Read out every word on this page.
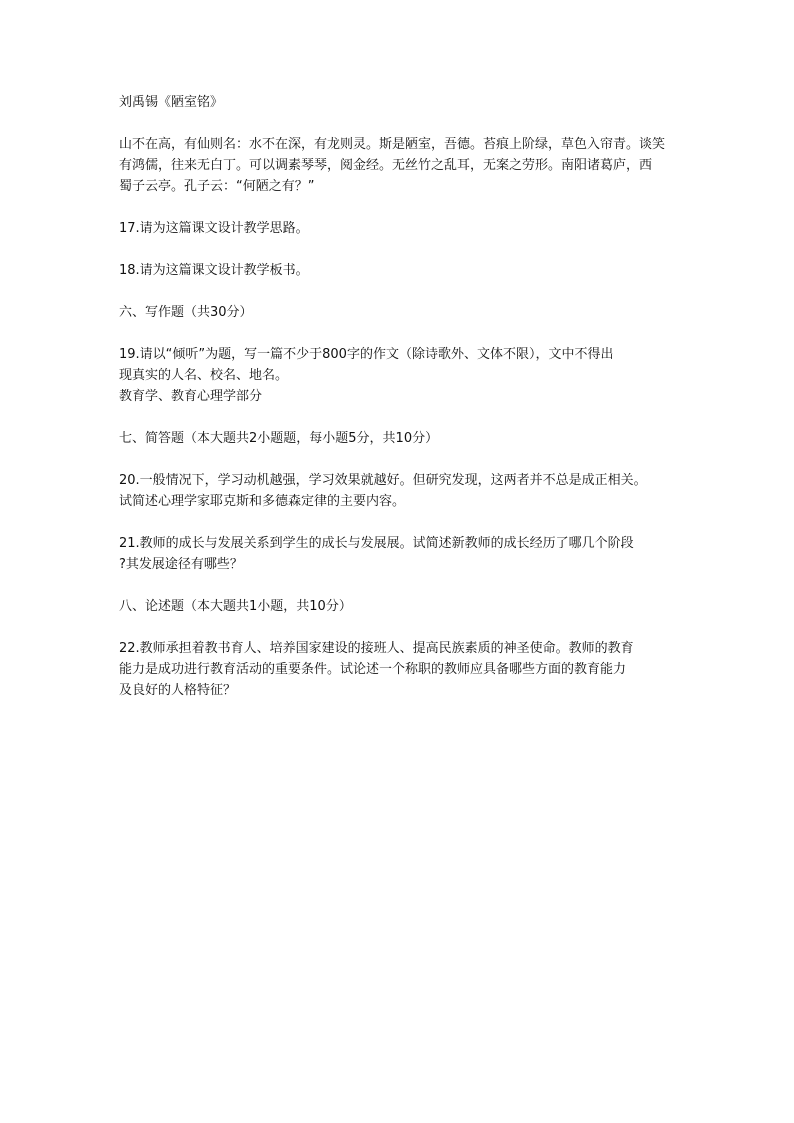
刘禹锡《陋室铭》

山不在高，有仙则名：水不在深，有龙则灵。斯是陋室，吾德。苔痕上阶绿，草色入帘青。谈笑
有鸿儒，往来无白丁。可以调素琴琴，阅金经。无丝竹之乱耳，无案之劳形。南阳诸葛庐，西
蜀子云亭。孔子云：“何陋之有？”

17.请为这篇课文设计教学思路。

18.请为这篇课文设计教学板书。

六、写作题（共30分）

19.请以“倾听”为题，写一篇不少于800字的作文（除诗歌外、文体不限），文中不得出
现真实的人名、校名、地名。

教育学、教育心理学部分

七、简答题（本大题共2小题题，每小题5分，共10分）

20.一般情况下，学习动机越强，学习效果就越好。但研究发现，这两者并不总是成正相关。
试简述心理学家耶克斯和多德森定律的主要内容。

21.教师的成长与发展关系到学生的成长与发展展。试简述新教师的成长经历了哪几个阶段
?其发展途径有哪些？

八、论述题（本大题共1小题，共10分）

22.教师承担着教书育人、培养国家建设的接班人、提高民族素质的神圣使命。教师的教育
能力是成功进行教育活动的重要条件。试论述一个称职的教师应具备哪些方面的教育能力
及良好的人格特征？
